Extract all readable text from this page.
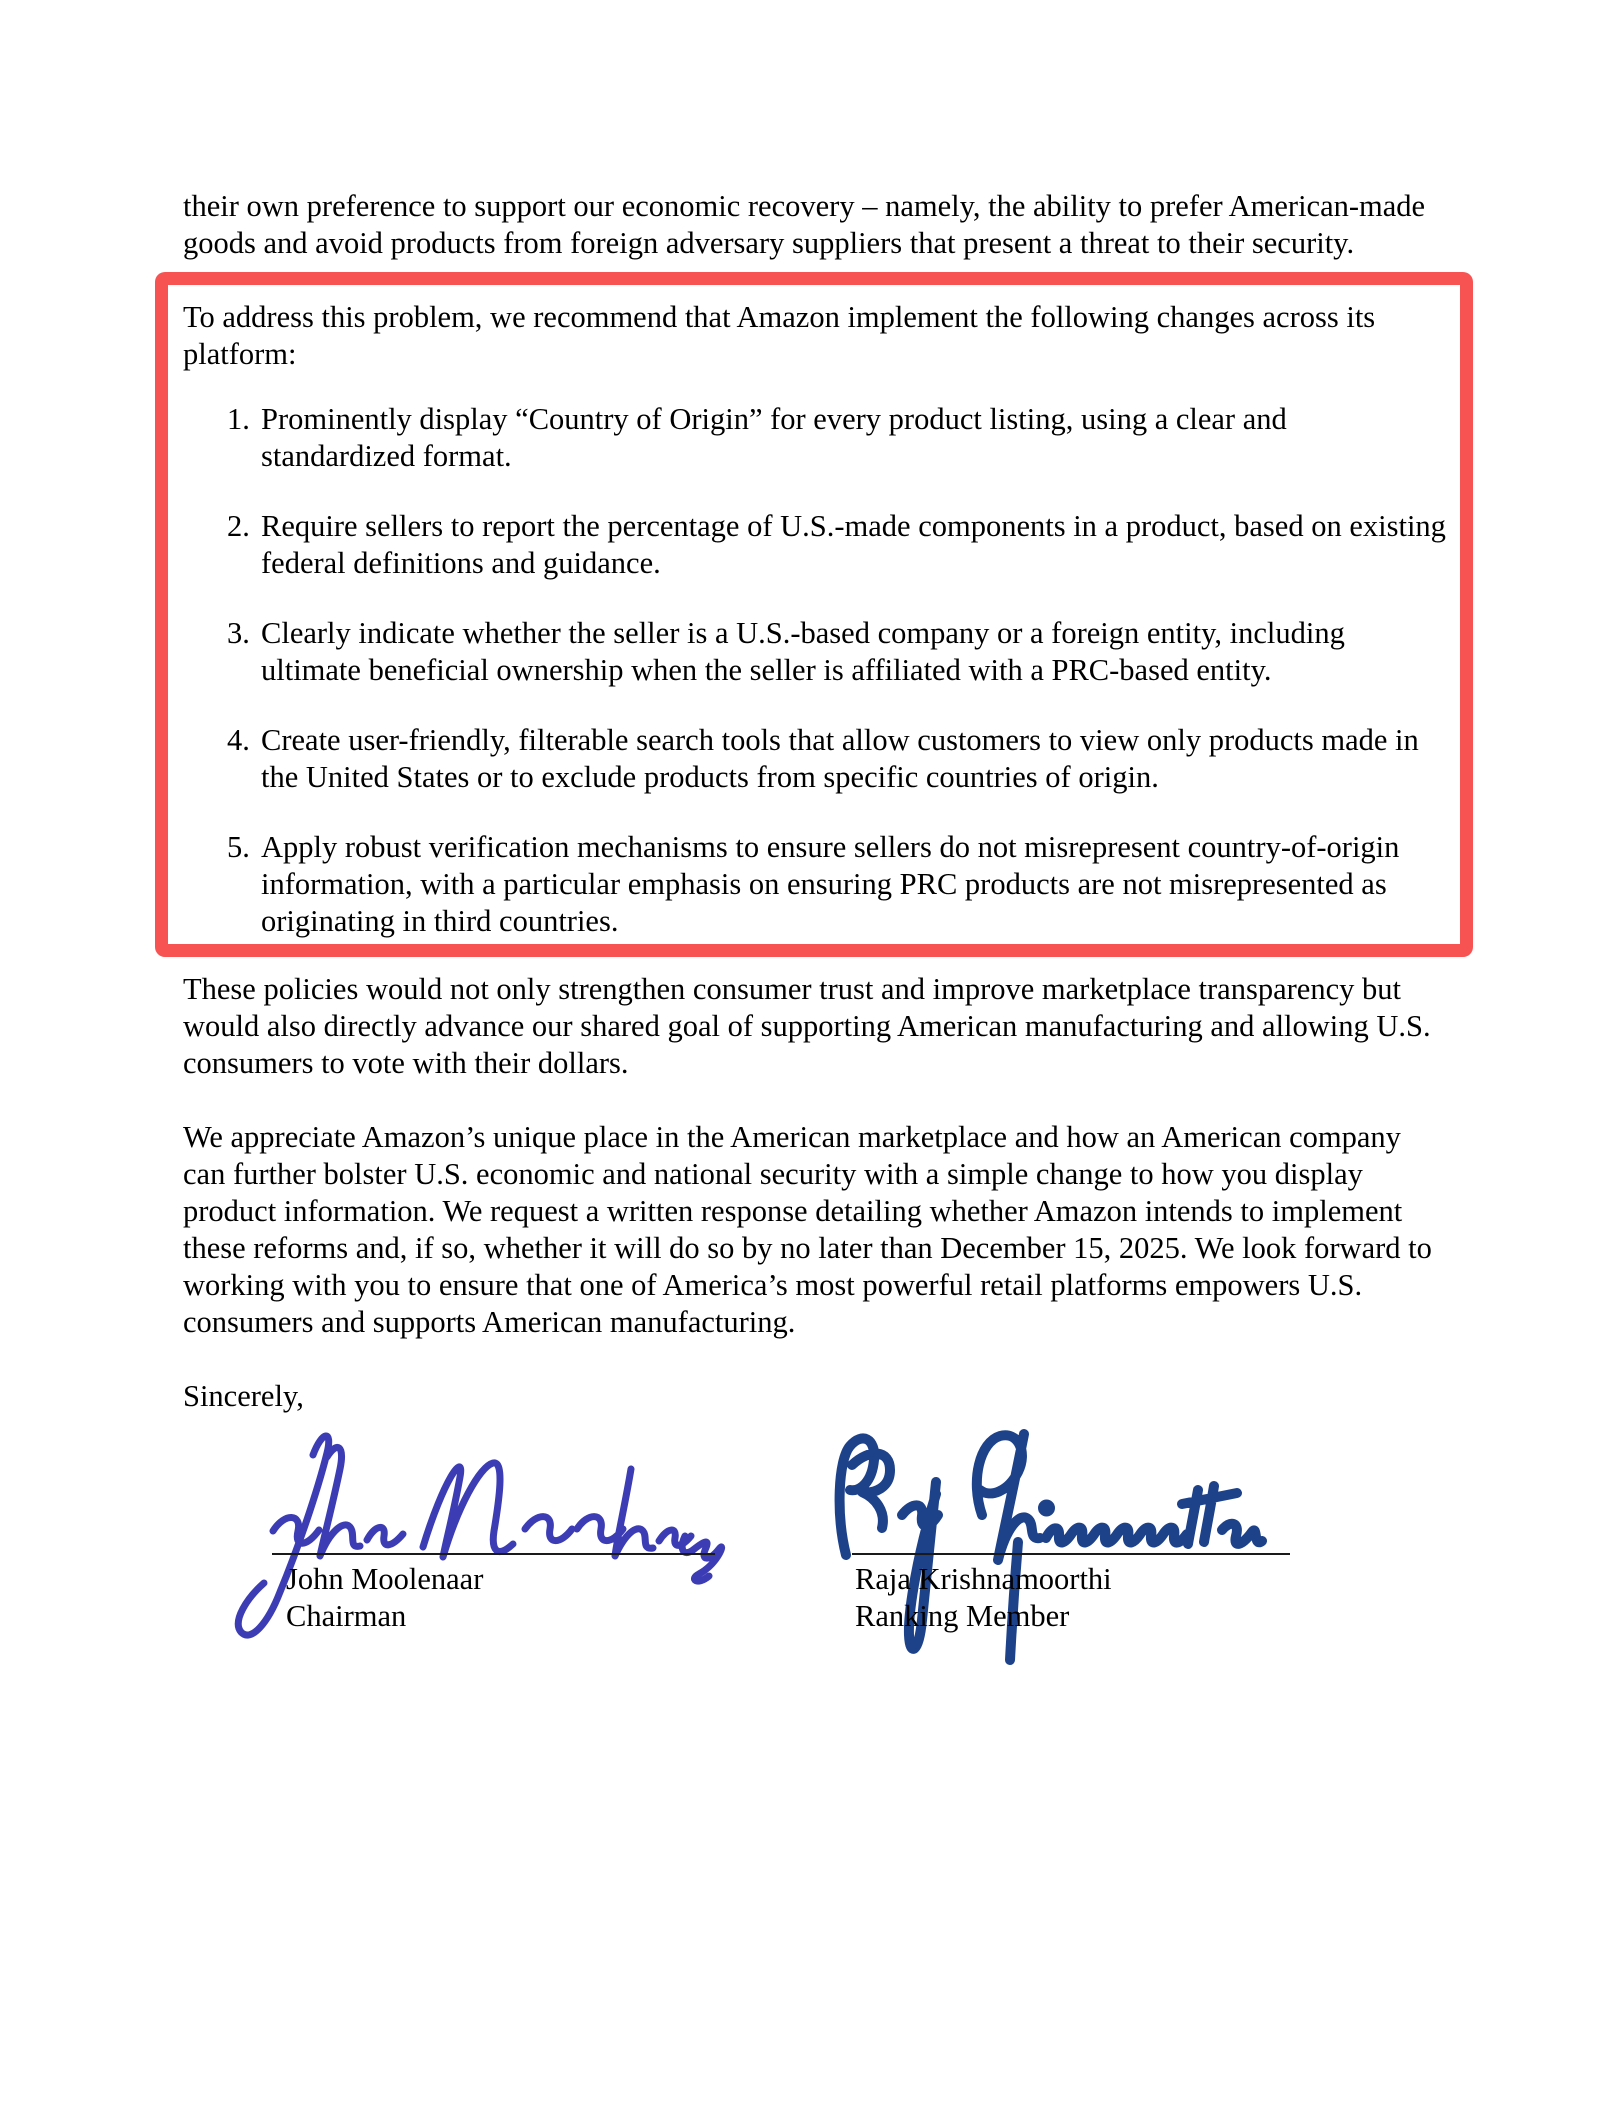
their own preference to support our economic recovery – namely, the ability to prefer American-made goods and avoid products from foreign adversary suppliers that present a threat to their security.

To address this problem, we recommend that Amazon implement the following changes across its platform:

1. Prominently display “Country of Origin” for every product listing, using a clear and standardized format.
2. Require sellers to report the percentage of U.S.-made components in a product, based on existing federal definitions and guidance.
3. Clearly indicate whether the seller is a U.S.-based company or a foreign entity, including ultimate beneficial ownership when the seller is affiliated with a PRC-based entity.
4. Create user-friendly, filterable search tools that allow customers to view only products made in the United States or to exclude products from specific countries of origin.
5. Apply robust verification mechanisms to ensure sellers do not misrepresent country-of-origin information, with a particular emphasis on ensuring PRC products are not misrepresented as originating in third countries.

These policies would not only strengthen consumer trust and improve marketplace transparency but would also directly advance our shared goal of supporting American manufacturing and allowing U.S. consumers to vote with their dollars.

We appreciate Amazon’s unique place in the American marketplace and how an American company can further bolster U.S. economic and national security with a simple change to how you display product information. We request a written response detailing whether Amazon intends to implement these reforms and, if so, whether it will do so by no later than December 15, 2025. We look forward to working with you to ensure that one of America’s most powerful retail platforms empowers U.S. consumers and supports American manufacturing.

Sincerely,

John Moolenaar
Chairman
Raja Krishnamoorthi
Ranking Member
